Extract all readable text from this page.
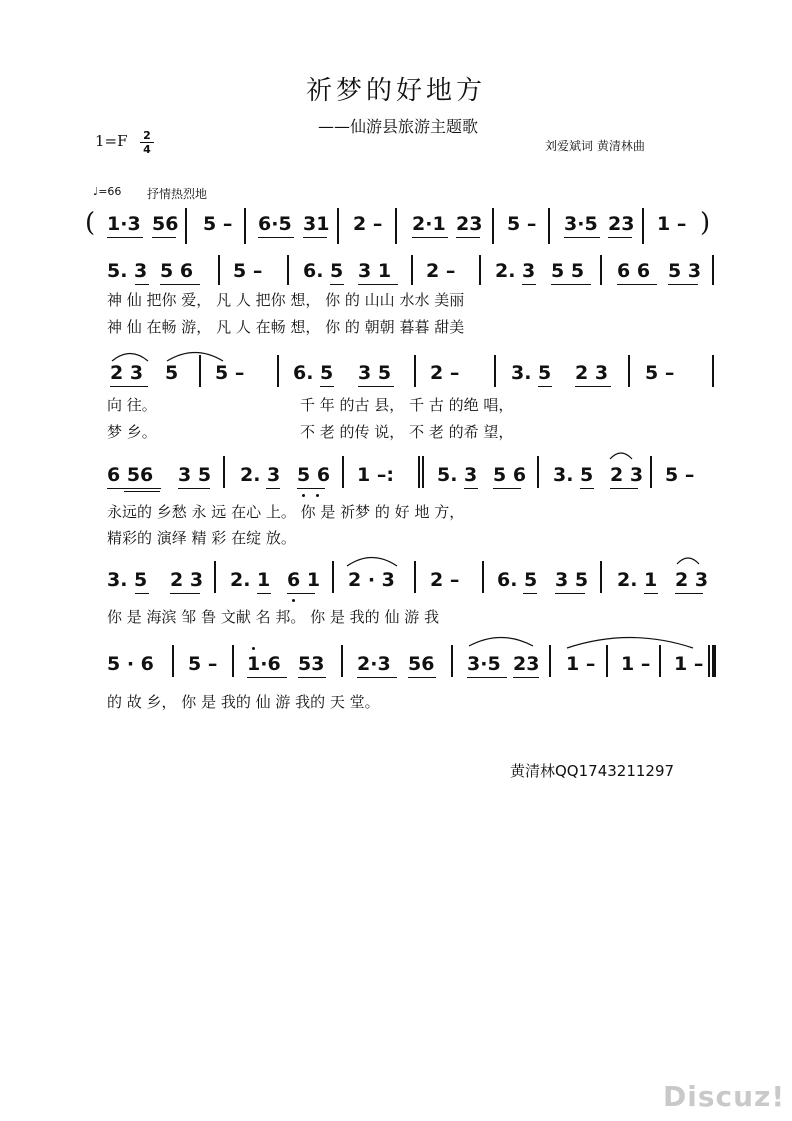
祈梦的好地方
——仙游县旅游主题歌
1=F 2
4	刘爱斌词 黄清林曲
♩=66 抒情热烈地
( 1·3 56 5 – 6·5 31 2 – 2·1 23 5 – 3·5 23 1 – )
5. 3 5 6 5 – 6. 5 3 1 2 – 2. 3 5 5 6 6 5 3
神 仙 把你 爱， 凡 人 把你 想， 你 的 山山 水水 美丽
神 仙 在畅 游， 凡 人 在畅 想， 你 的 朝朝 暮暮 甜美
2 3 5 5 –	6. 5 3 5 2 –	3. 5 2 3 5 –
向 往。
梦 乡。
千 年 的古 县， 千 古 的绝 唱，
不 老 的传 说， 不 老 的希 望，
6 56 3 5 2. 3 5 6 1 –: 5. 3 5 6 3. 5 2 3 5 –
永远的 乡愁 永 远 在心 上。 你 是 祈梦 的 好 地 方，
精彩的 演绎 精 彩 在绽 放。
3. 5 2 3 2. 1 6 1 2 · 3 2 – 6. 5 3 5 2. 1 2 3
你 是 海滨 邹 鲁 文献 名 邦。 你 是 我的 仙 游 我
5 · 6 5 – 1·6 53 2·3 56 3·5 23 1 – 1 – 1 –
的 故 乡， 你 是 我的 仙 游 我的 天 堂。
黄清林QQ1743211297
Discuz!
